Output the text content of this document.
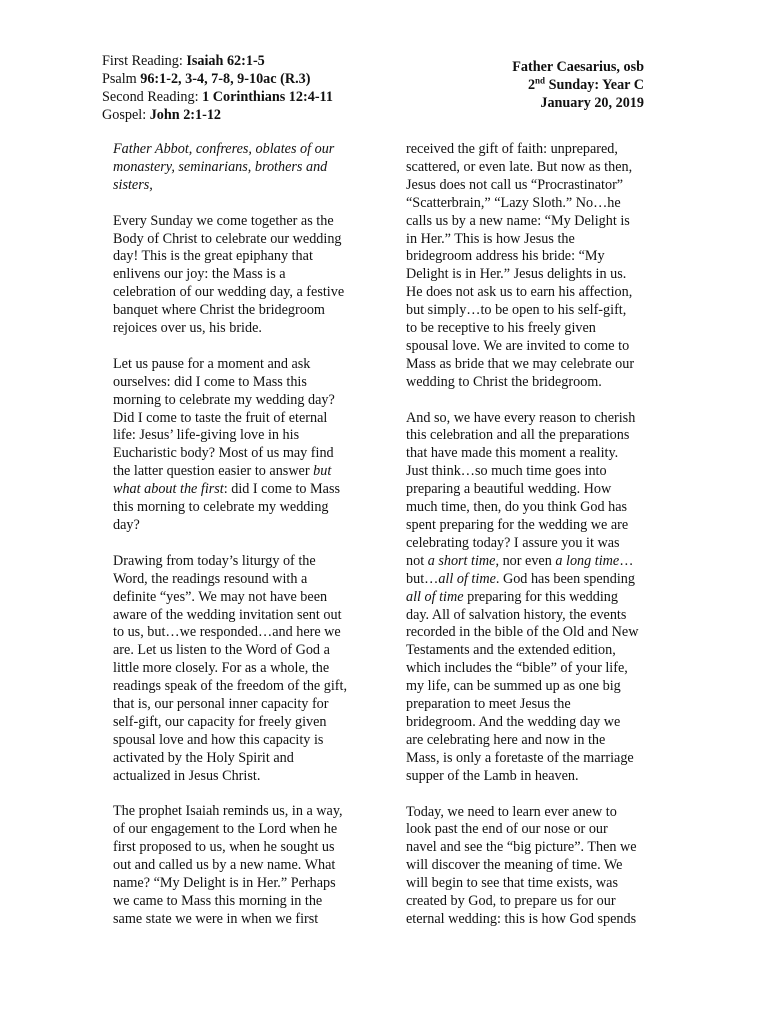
First Reading: Isaiah 62:1-5
Psalm 96:1-2, 3-4, 7-8, 9-10ac (R.3)
Second Reading: 1 Corinthians 12:4-11
Gospel: John 2:1-12
Father Caesarius, osb
2nd Sunday: Year C
January 20, 2019

Father Abbot, confreres, oblates of our
monastery, seminarians, brothers and
sisters,

Every Sunday we come together as the
Body of Christ to celebrate our wedding
day! This is the great epiphany that
enlivens our joy: the Mass is a
celebration of our wedding day, a festive
banquet where Christ the bridegroom
rejoices over us, his bride.

Let us pause for a moment and ask
ourselves: did I come to Mass this
morning to celebrate my wedding day?
Did I come to taste the fruit of eternal
life: Jesus’ life-giving love in his
Eucharistic body? Most of us may find
the latter question easier to answer but
what about the first: did I come to Mass
this morning to celebrate my wedding
day?

Drawing from today’s liturgy of the
Word, the readings resound with a
definite “yes”. We may not have been
aware of the wedding invitation sent out
to us, but…we responded…and here we
are. Let us listen to the Word of God a
little more closely. For as a whole, the
readings speak of the freedom of the gift,
that is, our personal inner capacity for
self-gift, our capacity for freely given
spousal love and how this capacity is
activated by the Holy Spirit and
actualized in Jesus Christ.

The prophet Isaiah reminds us, in a way,
of our engagement to the Lord when he
first proposed to us, when he sought us
out and called us by a new name. What
name? “My Delight is in Her.” Perhaps
we came to Mass this morning in the
same state we were in when we first

received the gift of faith: unprepared,
scattered, or even late. But now as then,
Jesus does not call us “Procrastinator”
“Scatterbrain,” “Lazy Sloth.” No…he
calls us by a new name: “My Delight is
in Her.” This is how Jesus the
bridegroom address his bride: “My
Delight is in Her.” Jesus delights in us.
He does not ask us to earn his affection,
but simply…to be open to his self-gift,
to be receptive to his freely given
spousal love. We are invited to come to
Mass as bride that we may celebrate our
wedding to Christ the bridegroom.

And so, we have every reason to cherish
this celebration and all the preparations
that have made this moment a reality.
Just think…so much time goes into
preparing a beautiful wedding. How
much time, then, do you think God has
spent preparing for the wedding we are
celebrating today? I assure you it was
not a short time, nor even a long time…
but…all of time. God has been spending
all of time preparing for this wedding
day. All of salvation history, the events
recorded in the bible of the Old and New
Testaments and the extended edition,
which includes the “bible” of your life,
my life, can be summed up as one big
preparation to meet Jesus the
bridegroom. And the wedding day we
are celebrating here and now in the
Mass, is only a foretaste of the marriage
supper of the Lamb in heaven.

Today, we need to learn ever anew to
look past the end of our nose or our
navel and see the “big picture”. Then we
will discover the meaning of time. We
will begin to see that time exists, was
created by God, to prepare us for our
eternal wedding: this is how God spends
